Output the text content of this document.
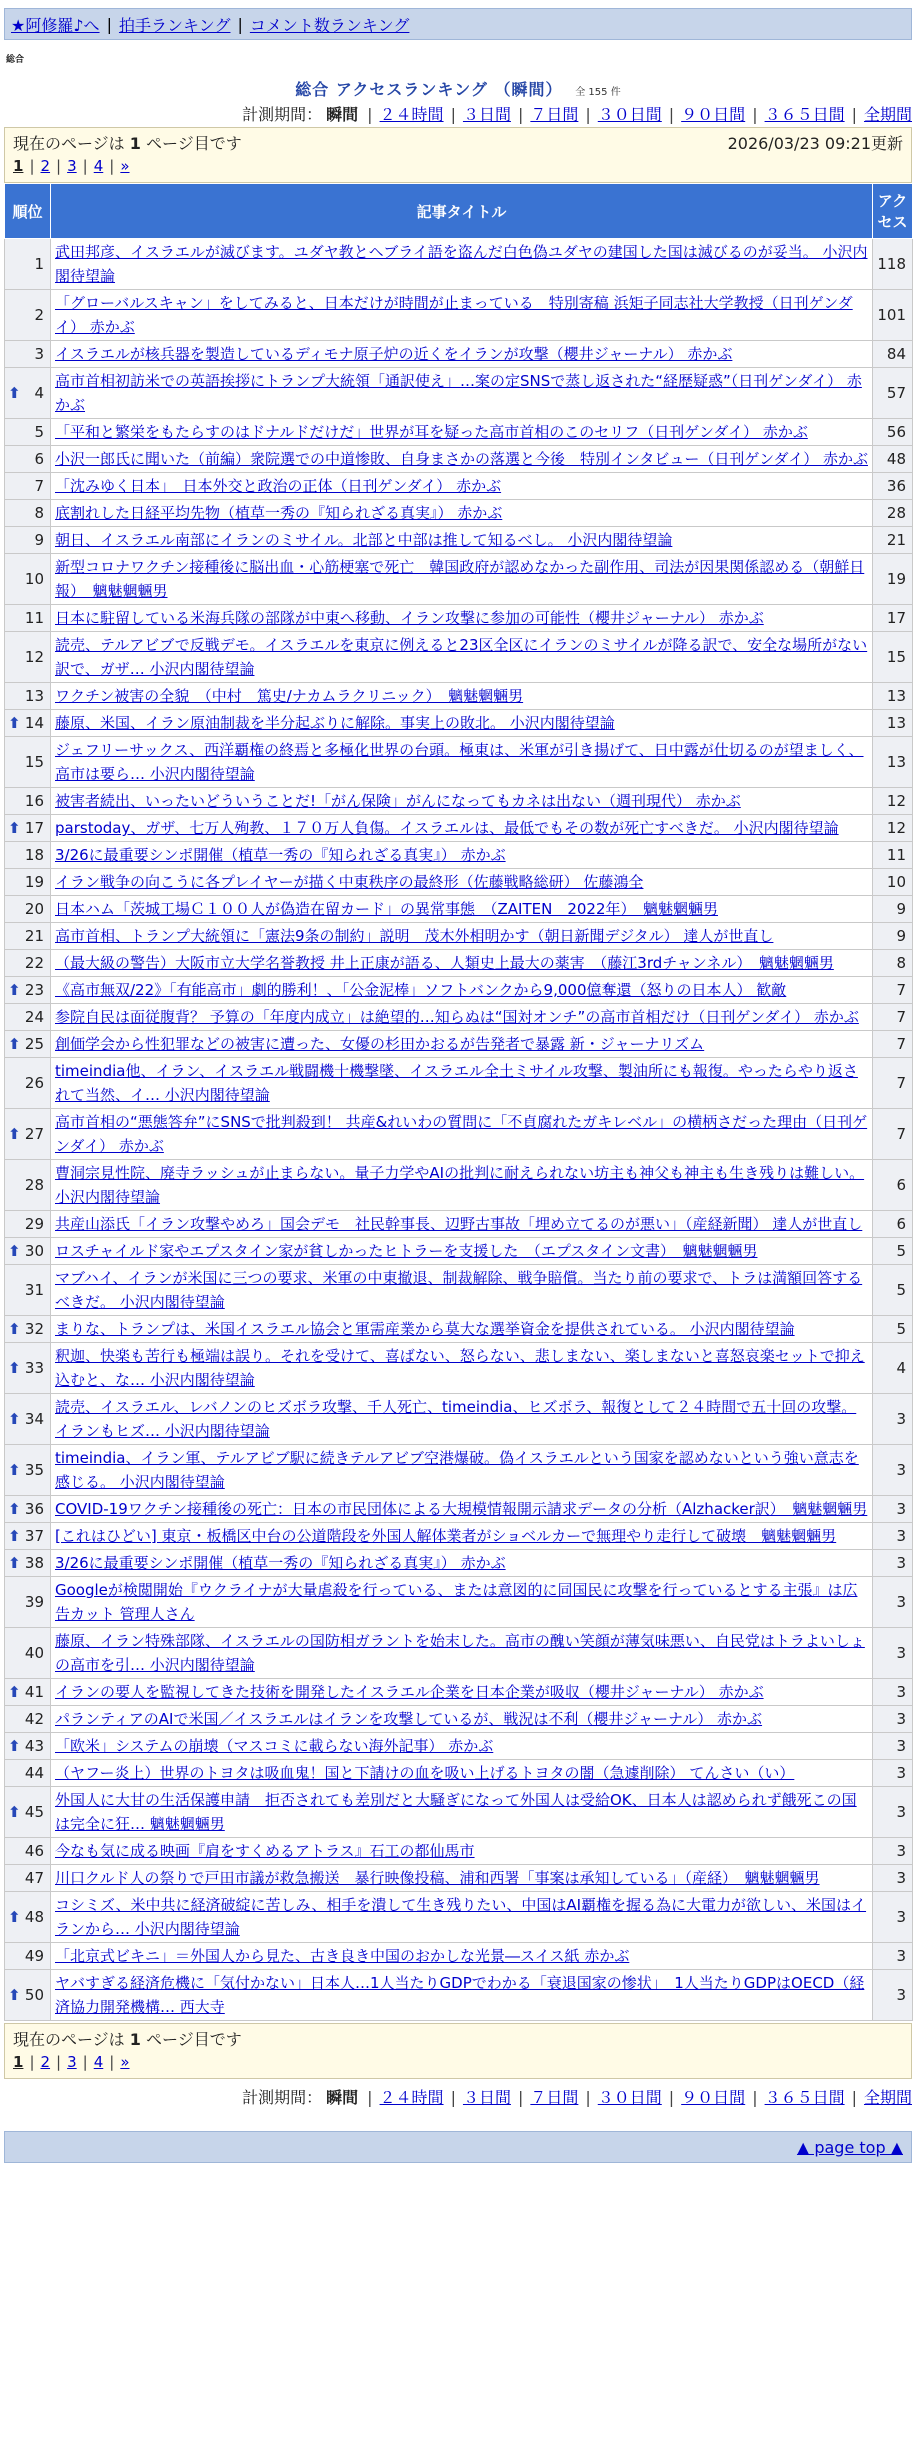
★阿修羅♪へ | 拍手ランキング | コメント数ランキング
総合
総合 アクセスランキング （瞬間） 全 155 件
計測期間： 瞬間 | ２４時間 | ３日間 | ７日間 | ３０日間 | ９０日間 | ３６５日間 | 全期間
現在のページは 1 ページ目です	2026/03/23 09:21更新
1 | 2 | 3 | 4 | »
順位	記事タイトル	アクセス
1	武田邦彦、イスラエルが滅びます。ユダヤ教とヘブライ語を盗んだ白色偽ユダヤの建国した国は滅びるのが妥当。 小沢内閣待望論	118
2	「グローバルスキャン」をしてみると、日本だけが時間が止まっている　特別寄稿 浜矩子同志社大学教授（日刊ゲンダイ） 赤かぶ	101
3	イスラエルが核兵器を製造しているディモナ原子炉の近くをイランが攻撃（櫻井ジャーナル） 赤かぶ	84

⬆ 4	高市首相初訪米での英語挨拶にトランプ大統領「通訳使え」…案の定SNSで蒸し返された“経歴疑惑”（日刊ゲンダイ） 赤かぶ	57
5	「平和と繁栄をもたらすのはドナルドだけだ」世界が耳を疑った高市首相のこのセリフ（日刊ゲンダイ） 赤かぶ	56
6	小沢一郎氏に聞いた（前編）衆院選での中道惨敗、自身まさかの落選と今後　特別インタビュー（日刊ゲンダイ） 赤かぶ	48
7	「沈みゆく日本」　日本外交と政治の正体（日刊ゲンダイ） 赤かぶ	36
8	底割れした日経平均先物（植草一秀の『知られざる真実』） 赤かぶ	28
9	朝日、イスラエル南部にイランのミサイル。北部と中部は推して知るべし。 小沢内閣待望論	21
10	新型コロナワクチン接種後に脳出血・心筋梗塞で死亡　韓国政府が認めなかった副作用、司法が因果関係認める（朝鮮日報）　魑魅魍魎男	19
11	日本に駐留している米海兵隊の部隊が中東へ移動、イラン攻撃に参加の可能性（櫻井ジャーナル） 赤かぶ	17
12	読売、テルアビブで反戦デモ。イスラエルを東京に例えると23区全区にイランのミサイルが降る訳で、安全な場所がない訳で、ガザ… 小沢内閣待望論	15
13	ワクチン被害の全貌　（中村　篤史/ナカムラクリニック）　魑魅魍魎男	13

⬆ 14	藤原、米国、イラン原油制裁を半分起ぶりに解除。事実上の敗北。 小沢内閣待望論	13
15	ジェフリーサックス、西洋覇権の終焉と多極化世界の台頭。極東は、米軍が引き揚げて、日中露が仕切るのが望ましく、高市は要ら… 小沢内閣待望論	13
16	被害者続出、いったいどういうことだ!「がん保険」がんになってもカネは出ない（週刊現代） 赤かぶ	12

⬆ 17	parstoday、ガザ、七万人殉教、１７０万人負傷。イスラエルは、最低でもその数が死亡すべきだ。 小沢内閣待望論	12
18	3/26に最重要シンポ開催（植草一秀の『知られざる真実』） 赤かぶ	11
19	イラン戦争の向こうに各プレイヤーが描く中東秩序の最終形（佐藤戦略総研） 佐藤鴻全	10
20	日本ハム「茨城工場Ｃ１００人が偽造在留カード」の異常事態　（ZAITEN　2022年）　魑魅魍魎男	9
21	高市首相、トランプ大統領に「憲法9条の制約」説明　茂木外相明かす（朝日新聞デジタル） 達人が世直し	9
22	（最大級の警告）大阪市立大学名誉教授 井上正康が語る、人類史上最大の薬害　（藤江3rdチャンネル）　魑魅魍魎男	8

⬆ 23	《高市無双/22》「有能高市」劇的勝利！、「公金泥棒」ソフトバンクから9,000億奪還（怒りの日本人） 歓敵	7
24	参院自民は面従腹背？ 予算の「年度内成立」は絶望的…知らぬは“国対オンチ”の高市首相だけ（日刊ゲンダイ） 赤かぶ	7

⬆ 25	創価学会から性犯罪などの被害に遭った、女優の杉田かおるが告発者で暴露 新・ジャーナリズム	7
26	timeindia他、イラン、イスラエル戦闘機十機撃墜、イスラエル全土ミサイル攻撃、製油所にも報復。やったらやり返されて当然、イ… 小沢内閣待望論	7

⬆ 27	高市首相の“悪態答弁”にSNSで批判殺到！ 共産&れいわの質問に「不貞腐れたガキレベル」の横柄さだった理由（日刊ゲンダイ） 赤かぶ	7
28	曹洞宗見性院、廃寺ラッシュが止まらない。量子力学やAIの批判に耐えられない坊主も神父も神主も生き残りは難しい。 小沢内閣待望論	6
29	共産山添氏「イラン攻撃やめろ」国会デモ　社民幹事長、辺野古事故「埋め立てるのが悪い」（産経新聞） 達人が世直し	6

⬆ 30	ロスチャイルド家やエプスタイン家が貧しかったヒトラーを支援した　（エプスタイン文書）　魑魅魍魎男	5
31	マブハイ、イランが米国に三つの要求、米軍の中東撤退、制裁解除、戦争賠償。当たり前の要求で、トラは満額回答するべきだ。 小沢内閣待望論	5

⬆ 32	まりな、トランプは、米国イスラエル協会と軍需産業から莫大な選挙資金を提供されている。 小沢内閣待望論	5

⬆ 33	釈迦、快楽も苦行も極端は誤り。それを受けて、喜ばない、怒らない、悲しまない、楽しまないと喜怒哀楽セットで抑え込むと、な… 小沢内閣待望論	4

⬆ 34	読売、イスラエル、レバノンのヒズボラ攻撃、千人死亡、timeindia、ヒズボラ、報復として２４時間で五十回の攻撃。イランもヒズ… 小沢内閣待望論	3

⬆ 35	timeindia、イラン軍、テルアビブ駅に続きテルアビブ空港爆破。偽イスラエルという国家を認めないという強い意志を感じる。 小沢内閣待望論	3

⬆ 36	COVID-19ワクチン接種後の死亡：日本の市民団体による大規模情報開示請求データの分析（Alzhacker訳）　魑魅魍魎男	3

⬆ 37	[これはひどい] 東京・板橋区中台の公道階段を外国人解体業者がショベルカーで無理やり走行して破壊　魑魅魍魎男	3

⬆ 38	3/26に最重要シンポ開催（植草一秀の『知られざる真実』） 赤かぶ	3
39	Googleが検閲開始『ウクライナが大量虐殺を行っている、または意図的に同国民に攻撃を行っているとする主張』は広告カット 管理人さん	3
40	藤原、イラン特殊部隊、イスラエルの国防相ガラントを始末した。高市の醜い笑顔が薄気味悪い、自民党はトラよいしょの高市を引… 小沢内閣待望論	3

⬆ 41	イランの要人を監視してきた技術を開発したイスラエル企業を日本企業が吸収（櫻井ジャーナル） 赤かぶ	3
42	パランティアのAIで米国／イスラエルはイランを攻撃しているが、戦況は不利（櫻井ジャーナル） 赤かぶ	3

⬆ 43	「欧米」システムの崩壊（マスコミに載らない海外記事） 赤かぶ	3
44	（ヤフー炎上）世界のトヨタは吸血鬼！国と下請けの血を吸い上げるトヨタの闇（急遽削除） てんさい（い）	3

⬆ 45	外国人に大甘の生活保護申請　拒否されても差別だと大騒ぎになって外国人は受給OK、日本人は認められず餓死この国は完全に狂… 魑魅魍魎男	3
46	今なも気に成る映画『肩をすくめるアトラス』石工の都仙馬市	3
47	川口クルド人の祭りで戸田市議が救急搬送　暴行映像投稿、浦和西署「事案は承知している」（産経）　魑魅魍魎男	3

⬆ 48	コシミズ、米中共に経済破綻に苦しみ、相手を潰して生き残りたい、中国はAI覇権を握る為に大電力が欲しい、米国はイランから… 小沢内閣待望論	3
49	「北京式ビキニ」＝外国人から見た、古き良き中国のおかしな光景―スイス紙 赤かぶ	3

⬆ 50	ヤバすぎる経済危機に「気付かない」日本人…1人当たりGDPでわかる「衰退国家の惨状」　1人当たりGDPはOECD（経済協力開発機構… 西大寺	3
現在のページは 1 ページ目です
1 | 2 | 3 | 4 | »
計測期間： 瞬間 | ２４時間 | ３日間 | ７日間 | ３０日間 | ９０日間 | ３６５日間 | 全期間
▲ page top ▲
